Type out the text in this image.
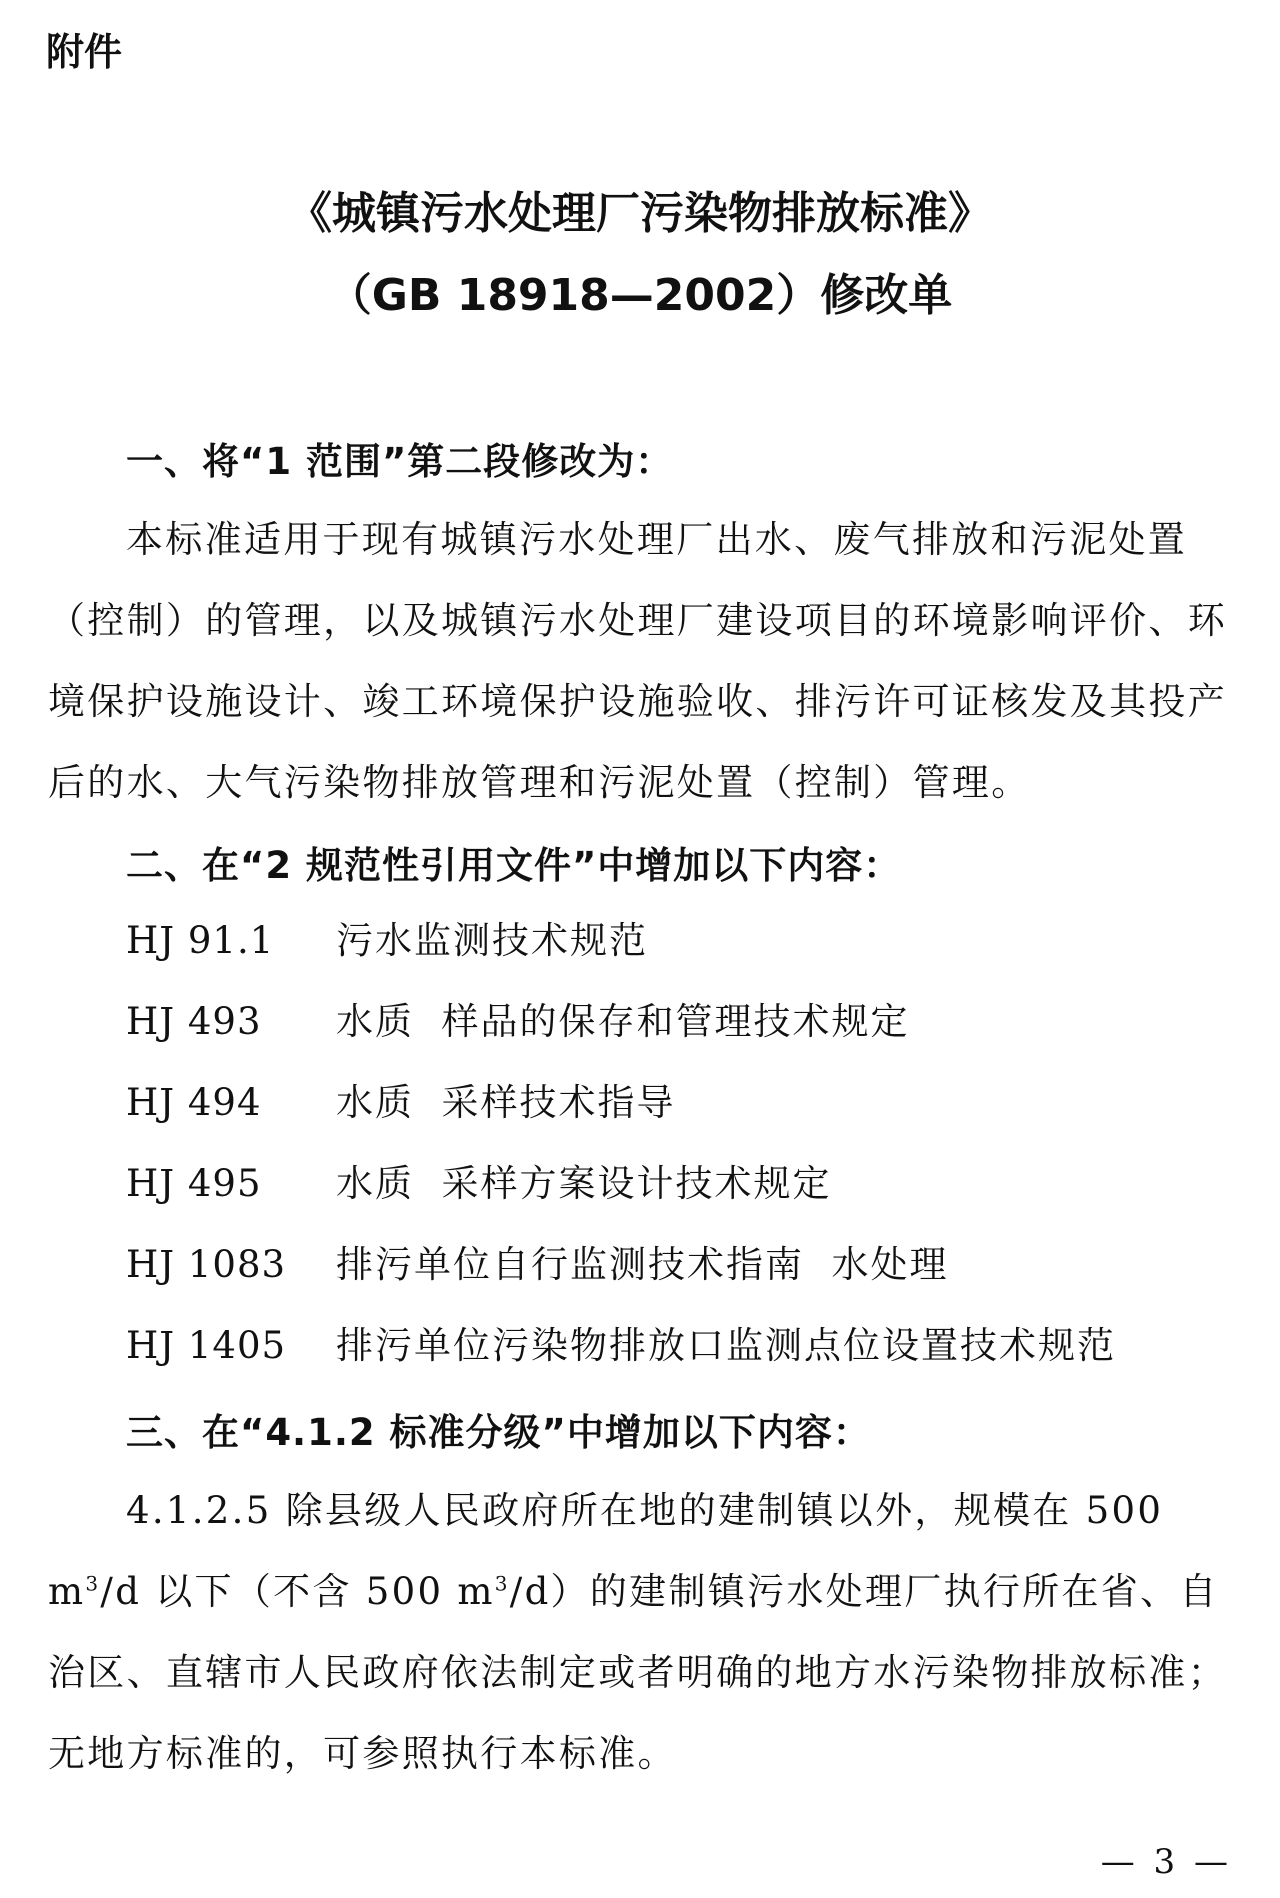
附件

《城镇污水处理厂污染物排放标准》
（GB 18918—2002）修改单
一、将“1 范围”第二段修改为：

本标准适用于现有城镇污水处理厂出水、废气排放和污泥处置（控制）的管理，以及城镇污水处理厂建设项目的环境影响评价、环境保护设施设计、竣工环境保护设施验收、排污许可证核发及其投产后的水、大气污染物排放管理和污泥处置（控制）管理。

二、在“2 规范性引用文件”中增加以下内容：
HJ 91.1	污水监测技术规范
HJ 493	水质  样品的保存和管理技术规定
HJ 494	水质  采样技术指导
HJ 495	水质  采样方案设计技术规定
HJ 1083	排污单位自行监测技术指南  水处理
HJ 1405	排污单位污染物排放口监测点位设置技术规范
三、在“4.1.2 标准分级”中增加以下内容：

4.1.2.5 除县级人民政府所在地的建制镇以外，规模在 500 $m^3/d$ 以下（不含 500 $m^3/d$）的建制镇污水处理厂执行所在省、自治区、直辖市人民政府依法制定或者明确的地方水污染物排放标准；无地方标准的，可参照执行本标准。

— 3 —
